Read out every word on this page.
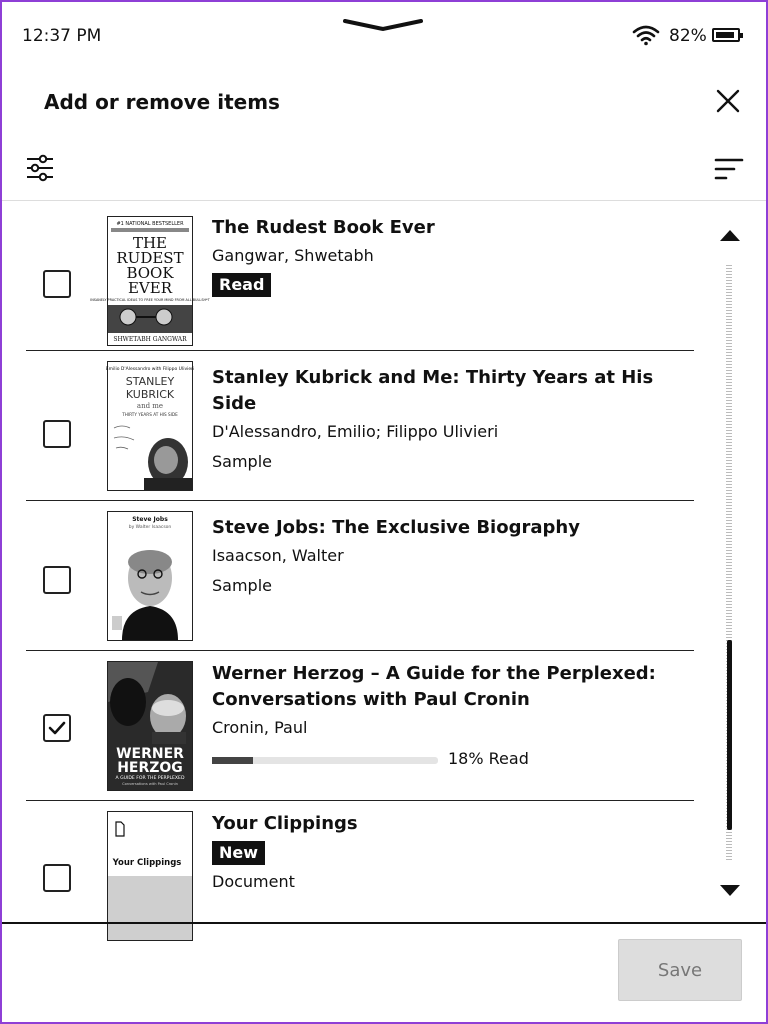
12:37 PM	82%
Add or remove items
#1 NATIONAL BESTSELLER
THE
RUDEST
BOOK
EVER
INSANELY PRACTICAL IDEAS TO FREE YOUR MIND FROM ALL BULLSH*T
SHWETABH GANGWAR
The Rudest Book Ever
Gangwar, Shwetabh
Read
Emilio D'Alessandro with Filippo Ulivieri
STANLEY
KUBRICK
and me
THIRTY YEARS AT HIS SIDE
Stanley Kubrick and Me: Thirty Years at His Side
D'Alessandro, Emilio; Filippo Ulivieri
Sample
Steve Jobs
by Walter Isaacson Steve Jobs: The Exclusive Biography
Isaacson, Walter
Sample
WERNER
HERZOG
A GUIDE FOR THE PERPLEXED
Conversations with Paul Cronin
Werner Herzog – A Guide for the Perplexed: Conversations with Paul Cronin
Cronin, Paul
18% Read
Your Clippings
Your Clippings
New
Document
Save
